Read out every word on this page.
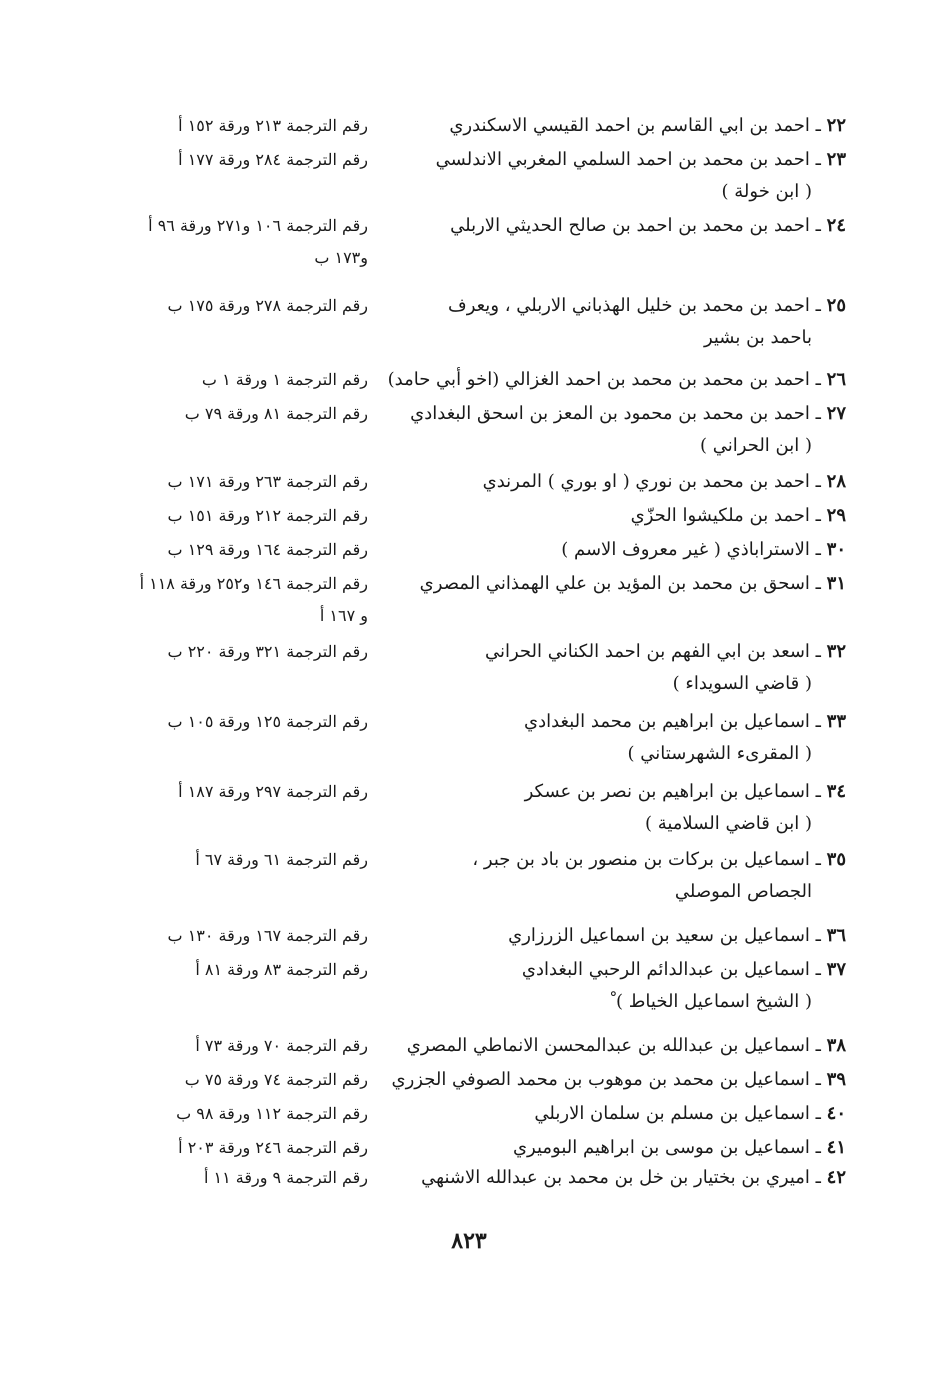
٢٢ ـ احمد بن ابي القاسم بن احمد القيسي الاسكندري
رقم الترجمة ٢١٣ ورقة ١٥٢ أ
٢٣ ـ احمد بن محمد بن احمد السلمي المغربي الاندلسي
( ابن خولة )
رقم الترجمة ٢٨٤ ورقة ١٧٧ أ
٢٤ ـ احمد بن محمد بن احمد بن صالح الحديثي الاربلي
رقم الترجمة ١٠٦ و٢٧١ ورقة ٩٦ أ
و١٧٣ ب
٢٥ ـ احمد بن محمد بن خليل الهذباني الاربلي ، ويعرف
باحمد بن بشير
رقم الترجمة ٢٧٨ ورقة ١٧٥ ب
٢٦ ـ احمد بن محمد بن محمد بن احمد الغزالي (اخو أبي حامد)
رقم الترجمة ١ ورقة ١ ب
٢٧ ـ احمد بن محمد بن محمود بن المعز بن اسحق البغدادي
( ابن الحراني )
رقم الترجمة ٨١ ورقة ٧٩ ب
٢٨ ـ احمد بن محمد بن نوري ( او بوري ) المرندي
رقم الترجمة ٢٦٣ ورقة ١٧١ ب
٢٩ ـ احمد بن ملكيشوا الحزّي
رقم الترجمة ٢١٢ ورقة ١٥١ ب
٣٠ ـ الاستراباذي ( غير معروف الاسم )
رقم الترجمة ١٦٤ ورقة ١٢٩ ب
٣١ ـ اسحق بن محمد بن المؤيد بن علي الهمذاني المصري
رقم الترجمة ١٤٦ و٢٥٢ ورقة ١١٨ أ
و ١٦٧ أ
٣٢ ـ اسعد بن ابي الفهم بن احمد الكناني الحراني
( قاضي السويداء )
رقم الترجمة ٣٢١ ورقة ٢٢٠ ب
٣٣ ـ اسماعيل بن ابراهيم بن محمد البغدادي
( المقرىء الشهرستاني )
رقم الترجمة ١٢٥ ورقة ١٠٥ ب
٣٤ ـ اسماعيل بن ابراهيم بن نصر بن عسكر
( ابن قاضي السلامية )
رقم الترجمة ٢٩٧ ورقة ١٨٧ أ
٣٥ ـ اسماعيل بن بركات بن منصور بن باد بن جبر ،
الجصاص الموصلي
رقم الترجمة ٦١ ورقة ٦٧ أ
٣٦ ـ اسماعيل بن سعيد بن اسماعيل الزرزاري
رقم الترجمة ١٦٧ ورقة ١٣٠ ب
٣٧ ـ اسماعيل بن عبدالدائم الرحبي البغدادي
( الشيخ اسماعيل الخياط ) ْ
رقم الترجمة ٨٣ ورقة ٨١ أ
٣٨ ـ اسماعيل بن عبدالله بن عبدالمحسن الانماطي المصري
رقم الترجمة ٧٠ ورقة ٧٣ أ
٣٩ ـ اسماعيل بن محمد بن موهوب بن محمد الصوفي الجزري
رقم الترجمة ٧٤ ورقة ٧٥ ب
٤٠ ـ اسماعيل بن مسلم بن سلمان الاربلي
رقم الترجمة ١١٢ ورقة ٩٨ ب
٤١ ـ اسماعيل بن موسى بن ابراهيم البوميري
رقم الترجمة ٢٤٦ ورقة ٢٠٣ أ
٤٢ ـ اميري بن بختيار بن خل بن محمد بن عبدالله الاشنهي
رقم الترجمة ٩ ورقة ١١ أ
٨٢٣
